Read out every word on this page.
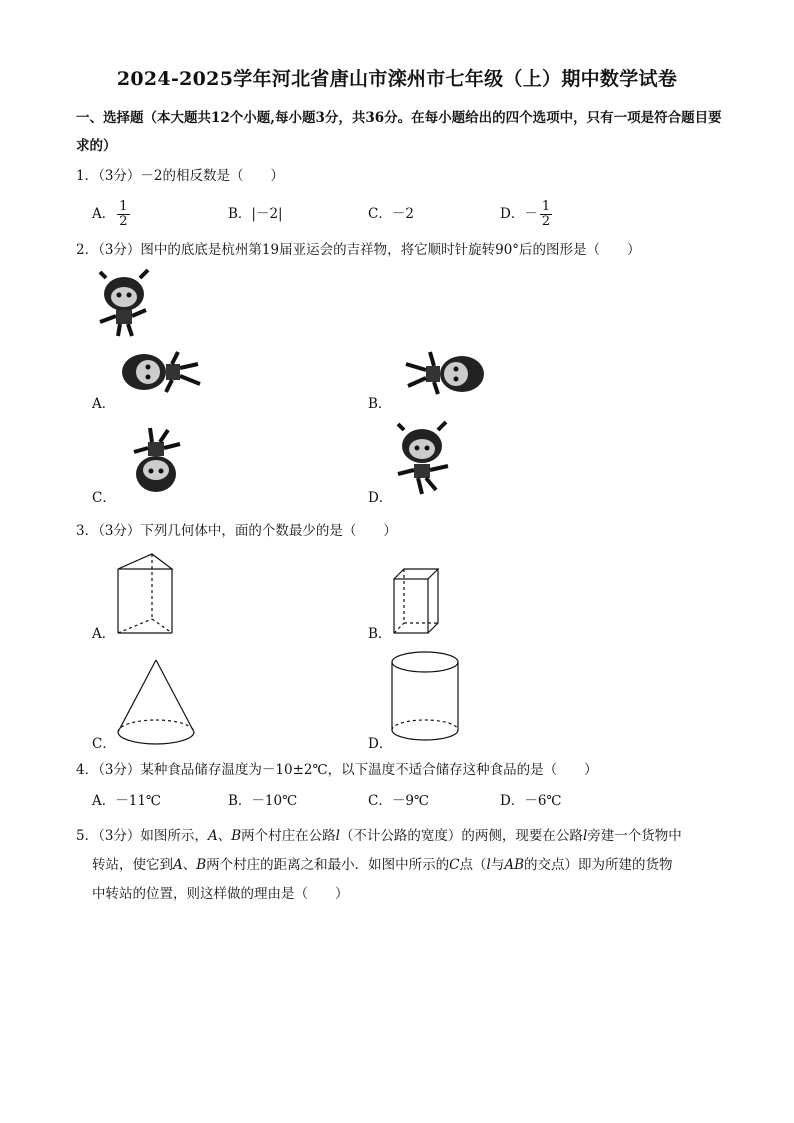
2024-2025学年河北省唐山市滦州市七年级（上）期中数学试卷
一、选择题（本大题共12个小题,每小题3分，共36分。在每小题给出的四个选项中，只有一项是符合题目要求的）
1．（3分）－2的相反数是（　　）
A． $\frac{1}{2}$	B．|－2|	C．－2	D．－ $\frac{1}{2}$
2．（3分）图中的底底是杭州第19届亚运会的吉祥物，将它顺时针旋转90°后的图形是（　　）
A．	B．
C．	D．
3．（3分）下列几何体中，面的个数最少的是（　　）
A．	B．
C．	D．
4．（3分）某种食品储存温度为－10±2℃，以下温度不适合储存这种食品的是（　　）
A．－11℃	B．－10℃	C．－9℃	D．－6℃
5．（3分）如图所示，A、B两个村庄在公路l（不计公路的宽度）的两侧，现要在公路l旁建一个货物中
转站，使它到A、B两个村庄的距离之和最小．如图中所示的C点（l与AB的交点）即为所建的货物
中转站的位置，则这样做的理由是（　　）
